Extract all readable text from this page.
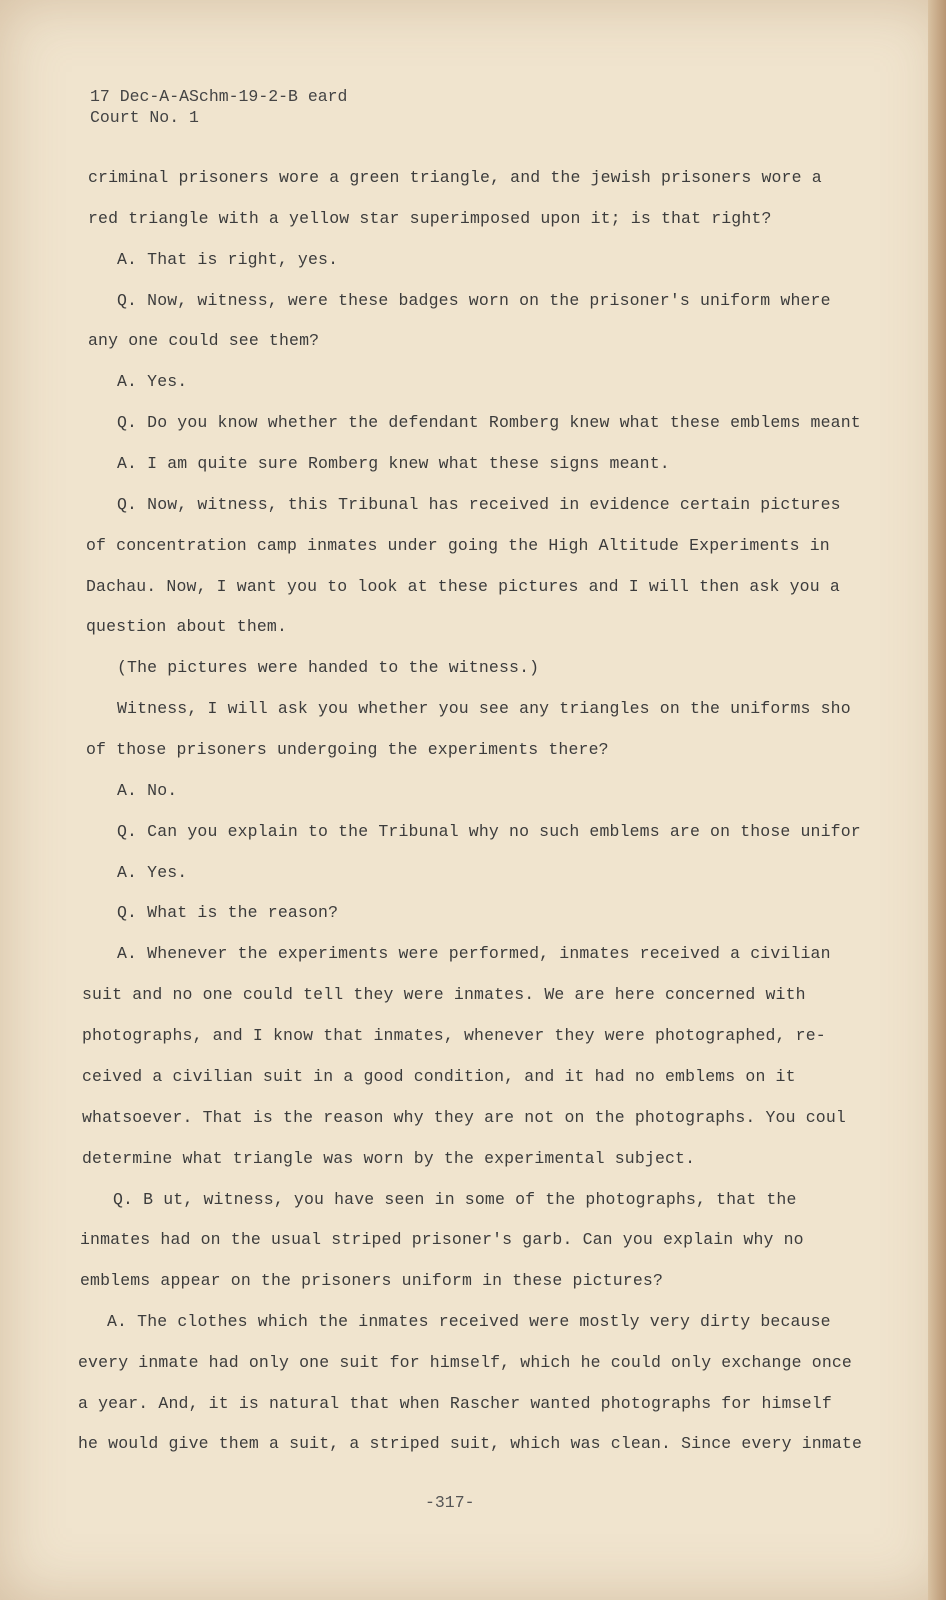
17 Dec-A-ASchm-19-2-B eard
Court No. 1
criminal prisoners wore a green triangle, and the jewish prisoners wore a
red triangle with a yellow star superimposed upon it; is that right?
A. That is right, yes.
Q. Now, witness, were these badges worn on the prisoner's uniform where
any one could see them?
A. Yes.
Q. Do you know whether the defendant Romberg knew what these emblems meant
A. I am quite sure Romberg knew what these signs meant.
Q. Now, witness, this Tribunal has received in evidence certain pictures
of concentration camp inmates under going the High Altitude Experiments in
Dachau. Now, I want you to look at these pictures and I will then ask you a
question about them.
(The pictures were handed to the witness.)
Witness, I will ask you whether you see any triangles on the uniforms sho
of those prisoners undergoing the experiments there?
A. No.
Q. Can you explain to the Tribunal why no such emblems are on those unifor
A. Yes.
Q. What is the reason?
A. Whenever the experiments were performed, inmates received a civilian
suit and no one could tell they were inmates. We are here concerned with
photographs, and I know that inmates, whenever they were photographed, re-
ceived a civilian suit in a good condition, and it had no emblems on it
whatsoever. That is the reason why they are not on the photographs. You coul
determine what triangle was worn by the experimental subject.
Q. B ut, witness, you have seen in some of the photographs, that the
inmates had on the usual striped prisoner's garb. Can you explain why no
emblems appear on the prisoners uniform in these pictures?
A. The clothes which the inmates received were mostly very dirty because
every inmate had only one suit for himself, which he could only exchange once
a year. And, it is natural that when Rascher wanted photographs for himself
he would give them a suit, a striped suit, which was clean. Since every inmate
-317-
